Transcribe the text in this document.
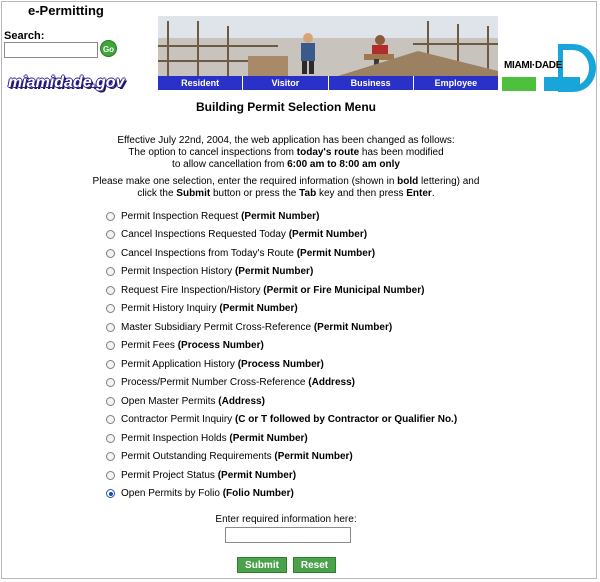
e-Permitting
Search:
Go
miamidade.gov	Resident	Visitor	Business	Employee
MIAMI·DADE
Building Permit Selection Menu
Effective July 22nd, 2004, the web application has been changed as follows:
The option to cancel inspections from today's route has been modified
to allow cancellation from 6:00 am to 8:00 am only
Please make one selection, enter the required information (shown in bold lettering) and
click the Submit button or press the Tab key and then press Enter.
Permit Inspection Request (Permit Number)
Cancel Inspections Requested Today (Permit Number)
Cancel Inspections from Today's Route (Permit Number)
Permit Inspection History (Permit Number)
Request Fire Inspection/History (Permit or Fire Municipal Number)
Permit History Inquiry (Permit Number)
Master Subsidiary Permit Cross-Reference (Permit Number)
Permit Fees (Process Number)
Permit Application History (Process Number)
Process/Permit Number Cross-Reference (Address)
Open Master Permits (Address)
Contractor Permit Inquiry (C or T followed by Contractor or Qualifier No.)
Permit Inspection Holds (Permit Number)
Permit Outstanding Requirements (Permit Number)
Permit Project Status (Permit Number)
Open Permits by Folio (Folio Number)
Enter required information here:
Submit	Reset
